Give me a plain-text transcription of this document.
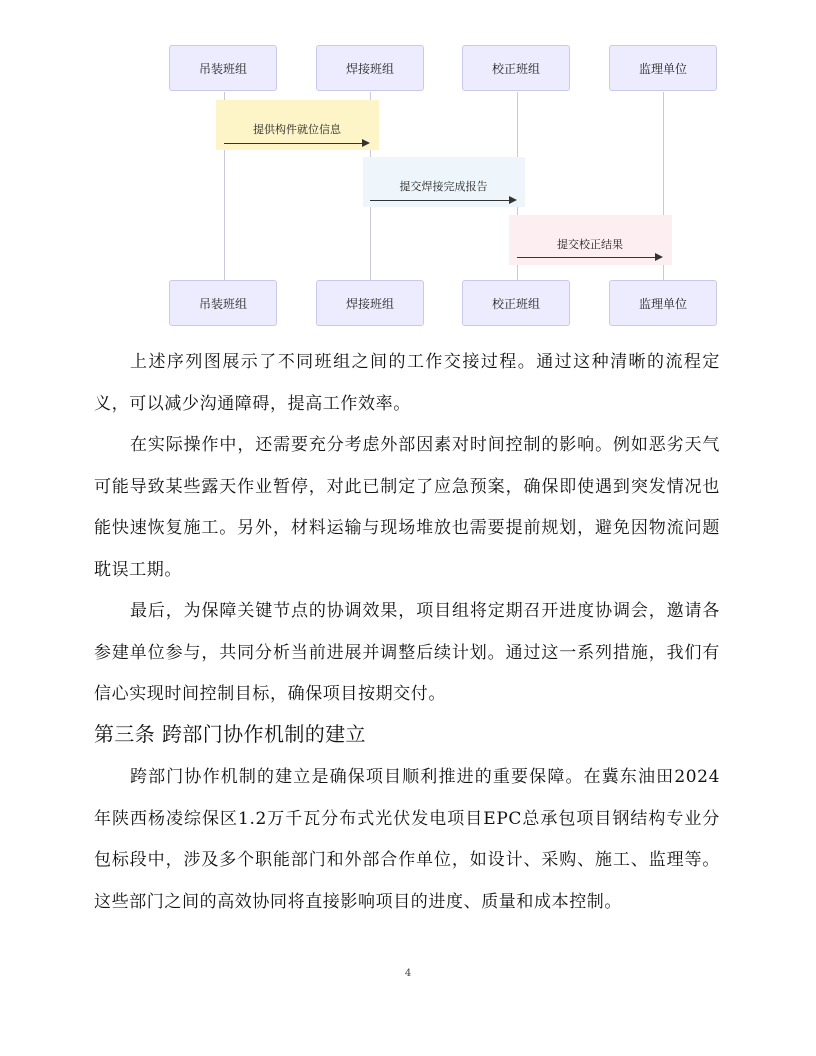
吊装班组	焊接班组	校正班组	监理单位
提供构件就位信息
提交焊接完成报告
提交校正结果
吊装班组	焊接班组	校正班组	监理单位

上述序列图展示了不同班组之间的工作交接过程。通过这种清晰的流程定义，可以减少沟通障碍，提高工作效率。

在实际操作中，还需要充分考虑外部因素对时间控制的影响。例如恶劣天气可能导致某些露天作业暂停，对此已制定了应急预案，确保即使遇到突发情况也能快速恢复施工。另外，材料运输与现场堆放也需要提前规划，避免因物流问题耽误工期。

最后，为保障关键节点的协调效果，项目组将定期召开进度协调会，邀请各参建单位参与，共同分析当前进展并调整后续计划。通过这一系列措施，我们有信心实现时间控制目标，确保项目按期交付。

第三条 跨部门协作机制的建立

跨部门协作机制的建立是确保项目顺利推进的重要保障。在冀东油田2024年陕西杨凌综保区1.2万千瓦分布式光伏发电项目EPC总承包项目钢结构专业分包标段中，涉及多个职能部门和外部合作单位，如设计、采购、施工、监理等。这些部门之间的高效协同将直接影响项目的进度、质量和成本控制。

4
